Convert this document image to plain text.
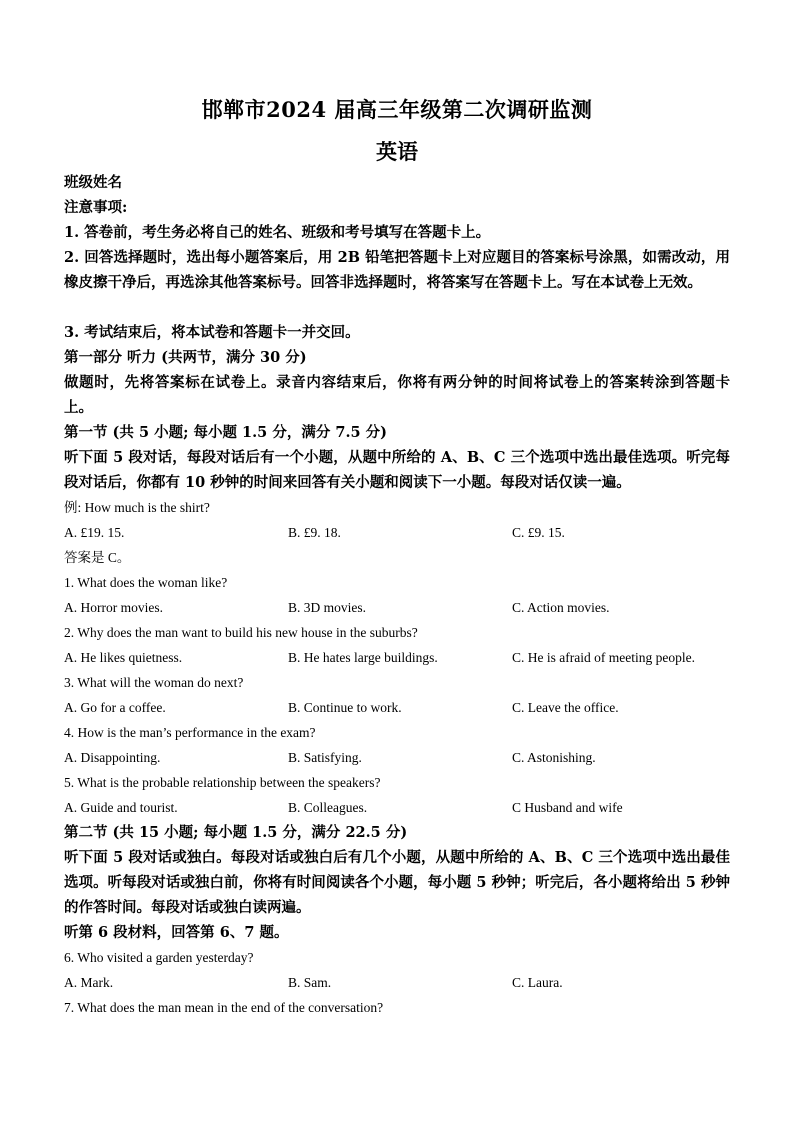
邯郸市2024 届高三年级第二次调研监测
英语
班级姓名
注意事项:
1. 答卷前，考生务必将自己的姓名、班级和考号填写在答题卡上。
2. 回答选择题时，选出每小题答案后，用 2B 铅笔把答题卡上对应题目的答案标号涂黑，如需改动，用橡皮擦干净后，再选涂其他答案标号。回答非选择题时，将答案写在答题卡上。写在本试卷上无效。
3. 考试结束后，将本试卷和答题卡一并交回。
第一部分 听力 (共两节，满分 30 分)
做题时，先将答案标在试卷上。录音内容结束后，你将有两分钟的时间将试卷上的答案转涂到答题卡上。
第一节 (共 5 小题; 每小题 1.5 分，满分 7.5 分)
听下面 5 段对话，每段对话后有一个小题，从题中所给的 A、B、C 三个选项中选出最佳选项。听完每段对话后，你都有 10 秒钟的时间来回答有关小题和阅读下一小题。每段对话仅读一遍。
例: How much is the shirt?
A. £19. 15.	B. £9. 18.	C. £9. 15.
答案是 C。
1. What does the woman like?
A. Horror movies.	B. 3D movies.	C. Action movies.
2. Why does the man want to build his new house in the suburbs?
A. He likes quietness.	B. He hates large buildings.	C. He is afraid of meeting people.
3. What will the woman do next?
A. Go for a coffee.	B. Continue to work.	C. Leave the office.
4. How is the man’s performance in the exam?
A. Disappointing.	B. Satisfying.	C. Astonishing.
5. What is the probable relationship between the speakers?
A. Guide and tourist.	B. Colleagues.	C Husband and wife
第二节 (共 15 小题; 每小题 1.5 分，满分 22.5 分)
听下面 5 段对话或独白。每段对话或独白后有几个小题，从题中所给的 A、B、C 三个选项中选出最佳选项。听每段对话或独白前，你将有时间阅读各个小题，每小题 5 秒钟；听完后，各小题将给出 5 秒钟的作答时间。每段对话或独白读两遍。
听第 6 段材料，回答第 6、7 题。
6. Who visited a garden yesterday?
A. Mark.	B. Sam.	C. Laura.
7. What does the man mean in the end of the conversation?
